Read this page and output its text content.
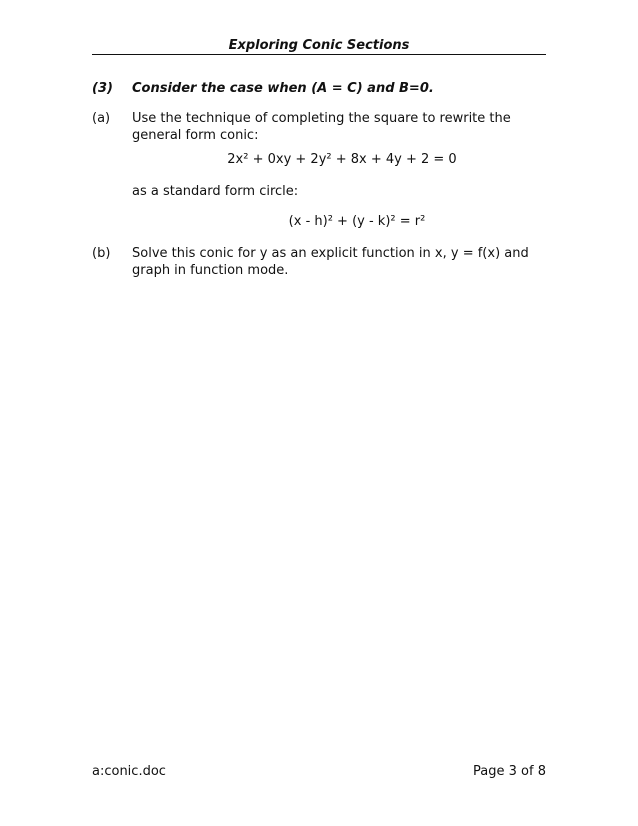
Exploring Conic Sections
(3) Consider the case when (A = C) and B=0.
(a) Use the technique of completing the square to rewrite the general form conic:
2x² + 0xy + 2y² + 8x + 4y + 2 = 0
as a standard form circle:
(x - h)² + (y - k)² = r²
(b) Solve this conic for y as an explicit function in x, y = f(x) and graph in function mode.
a:conic.doc	Page 3 of 8
